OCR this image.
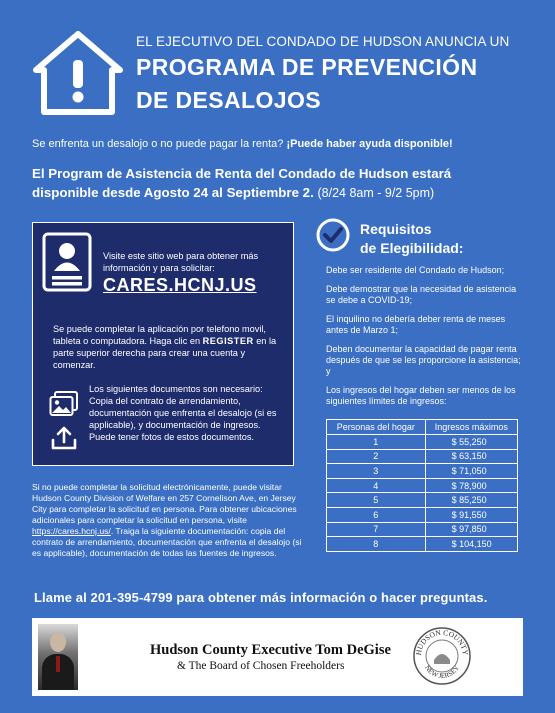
EL EJECUTIVO DEL CONDADO DE HUDSON ANUNCIA UN
PROGRAMA DE PREVENCIÓN
DE DESALOJOS
Se enfrenta un desalojo o no puede pagar la renta? ¡Puede haber ayuda disponible!
El Program de Asistencia de Renta del Condado de Hudson estará
disponible desde Agosto 24 al Septiembre 2. (8/24 8am - 9/2 5pm)
Visite este sitio web para obtener más información y para solicitar:
CARES.HCNJ.US
Se puede completar la aplicación por telefono movil, tableta o computadora. Haga clic en REGISTER en la parte superior derecha para crear una cuenta y comenzar.
Los siguientes documentos son necesario: Copia del contrato de arrendamiento, documentación que enfrenta el desalojo (si es applicable), y documentación de ingresos. Puede tener fotos de estos documentos.
Si no puede completar la solicitud electrónicamente, puede visitar Hudson County Division of Welfare en 257 Cornelison Ave, en Jersey City para completar la solicitud en persona. Para obtener ubicaciones adicionales para completar la solicitud en persona, visite https://cares.hcnj.us/. Traiga la siguiente documentación: copia del contrato de arrendamiento, documentación que enfrenta el desalojo (si es applicable), documentación de todas las fuentes de ingresos.
Requisitos
de Elegibilidad:

Debe ser residente del Condado de Hudson;

Debe demostrar que la necesidad de asistencia se debe a COVID-19;

El inquilino no debería deber renta de meses antes de Marzo 1;

Deben documentar la capacidad de pagar renta después de que se les proporcione la asistencia; y

Los ingresos del hogar deben ser menos de los siguientes límites de ingresos:

Personas del hogar	Ingresos máximos
1	$ 55,250
2	$ 63,150
3	$ 71,050
4	$ 78,900
5	$ 85,250
6	$ 91,550
7	$ 97,850
8	$ 104,150
Llame al 201-395-4799 para obtener más información o hacer preguntas.
Hudson County Executive Tom DeGise
& The Board of Chosen Freeholders
HUDSON COUNTY
NEW JERSEY
